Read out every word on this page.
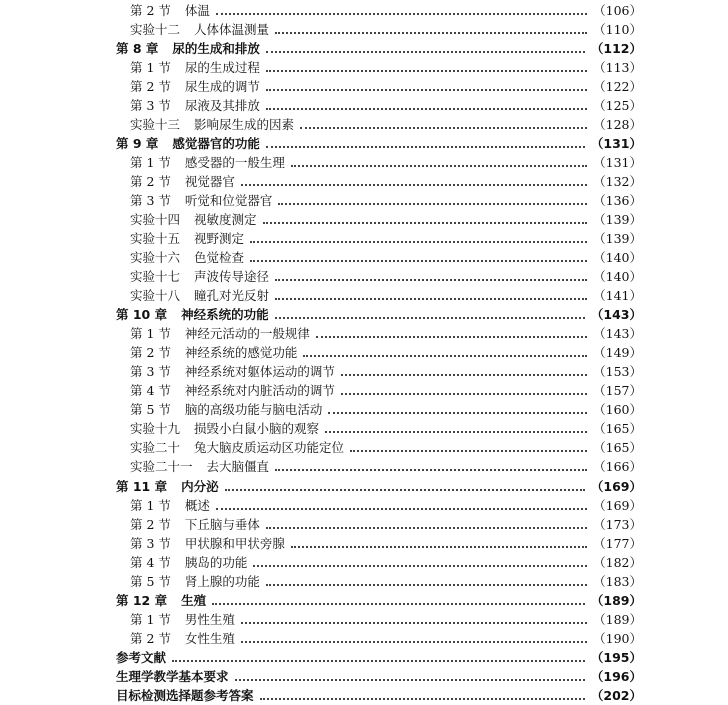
第 2 节 体温	（106）
实验十二 人体体温测量	（110）
第 8 章 尿的生成和排放	（112）
第 1 节 尿的生成过程	（113）
第 2 节 尿生成的调节	（122）
第 3 节 尿液及其排放	（125）
实验十三 影响尿生成的因素	（128）
第 9 章 感觉器官的功能	（131）
第 1 节 感受器的一般生理	（131）
第 2 节 视觉器官	（132）
第 3 节 听觉和位觉器官	（136）
实验十四 视敏度测定	（139）
实验十五 视野测定	（139）
实验十六 色觉检查	（140）
实验十七 声波传导途径	（140）
实验十八 瞳孔对光反射	（141）
第 10 章 神经系统的功能	（143）
第 1 节 神经元活动的一般规律	（143）
第 2 节 神经系统的感觉功能	（149）
第 3 节 神经系统对躯体运动的调节	（153）
第 4 节 神经系统对内脏活动的调节	（157）
第 5 节 脑的高级功能与脑电活动	（160）
实验十九 损毁小白鼠小脑的观察	（165）
实验二十 兔大脑皮质运动区功能定位	（165）
实验二十一 去大脑僵直	（166）
第 11 章 内分泌	（169）
第 1 节 概述	（169）
第 2 节 下丘脑与垂体	（173）
第 3 节 甲状腺和甲状旁腺	（177）
第 4 节 胰岛的功能	（182）
第 5 节 肾上腺的功能	（183）
第 12 章 生殖	（189）
第 1 节 男性生殖	（189）
第 2 节 女性生殖	（190）
参考文献	（195）
生理学教学基本要求	（196）
目标检测选择题参考答案	（202）
